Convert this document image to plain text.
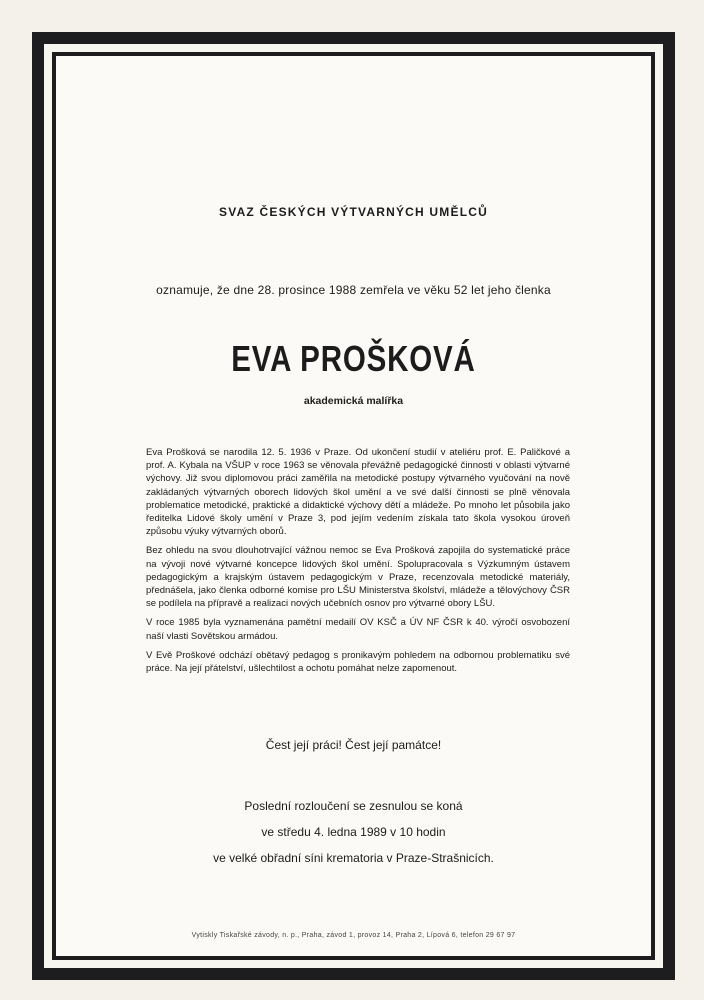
SVAZ ČESKÝCH VÝTVARNÝCH UMĚLCŮ
oznamuje, že dne 28. prosince 1988 zemřela ve věku 52 let jeho členka
EVA PROŠKOVÁ
akademická malířka

Eva Prošková se narodila 12. 5. 1936 v Praze. Od ukončení studií v ateliéru prof. E. Paličkové a prof. A. Kybala na VŠUP v roce 1963 se věnovala převážně pedagogické činnosti v oblasti výtvarné výchovy. Již svou diplomovou práci zaměřila na metodické postupy výtvarného vyučování na nově zakládaných výtvarných oborech lidových škol umění a ve své další činnosti se plně věnovala problematice metodické, praktické a didaktické výchovy dětí a mládeže. Po mnoho let působila jako ředitelka Lidové školy umění v Praze 3, pod jejím vedením získala tato škola vysokou úroveň způsobu výuky výtvarných oborů.

Bez ohledu na svou dlouhotrvající vážnou nemoc se Eva Prošková zapojila do systematické práce na vývoji nové výtvarné koncepce lidových škol umění. Spolupracovala s Výzkumným ústavem pedagogickým a krajským ústavem pedagogickým v Praze, recenzovala metodické materiály, přednášela, jako členka odborné komise pro LŠU Ministerstva školství, mládeže a tělovýchovy ČSR se podílela na přípravě a realizaci nových učebních osnov pro výtvarné obory LŠU.

V roce 1985 byla vyznamenána pamětní medailí OV KSČ a ÚV NF ČSR k 40. výročí osvobození naší vlasti Sovětskou armádou.

V Evě Proškové odchází obětavý pedagog s pronikavým pohledem na odbornou problematiku své práce. Na její přátelství, ušlechtilost a ochotu pomáhat nelze zapomenout.

Čest její práci! Čest její památce!
Poslední rozloučení se zesnulou se koná
ve středu 4. ledna 1989 v 10 hodin
ve velké obřadní síni krematoria v Praze-Strašnicích.
Vytiskly Tiskařské závody, n. p., Praha, závod 1, provoz 14, Praha 2, Lípová 6, telefon 29 67 97
